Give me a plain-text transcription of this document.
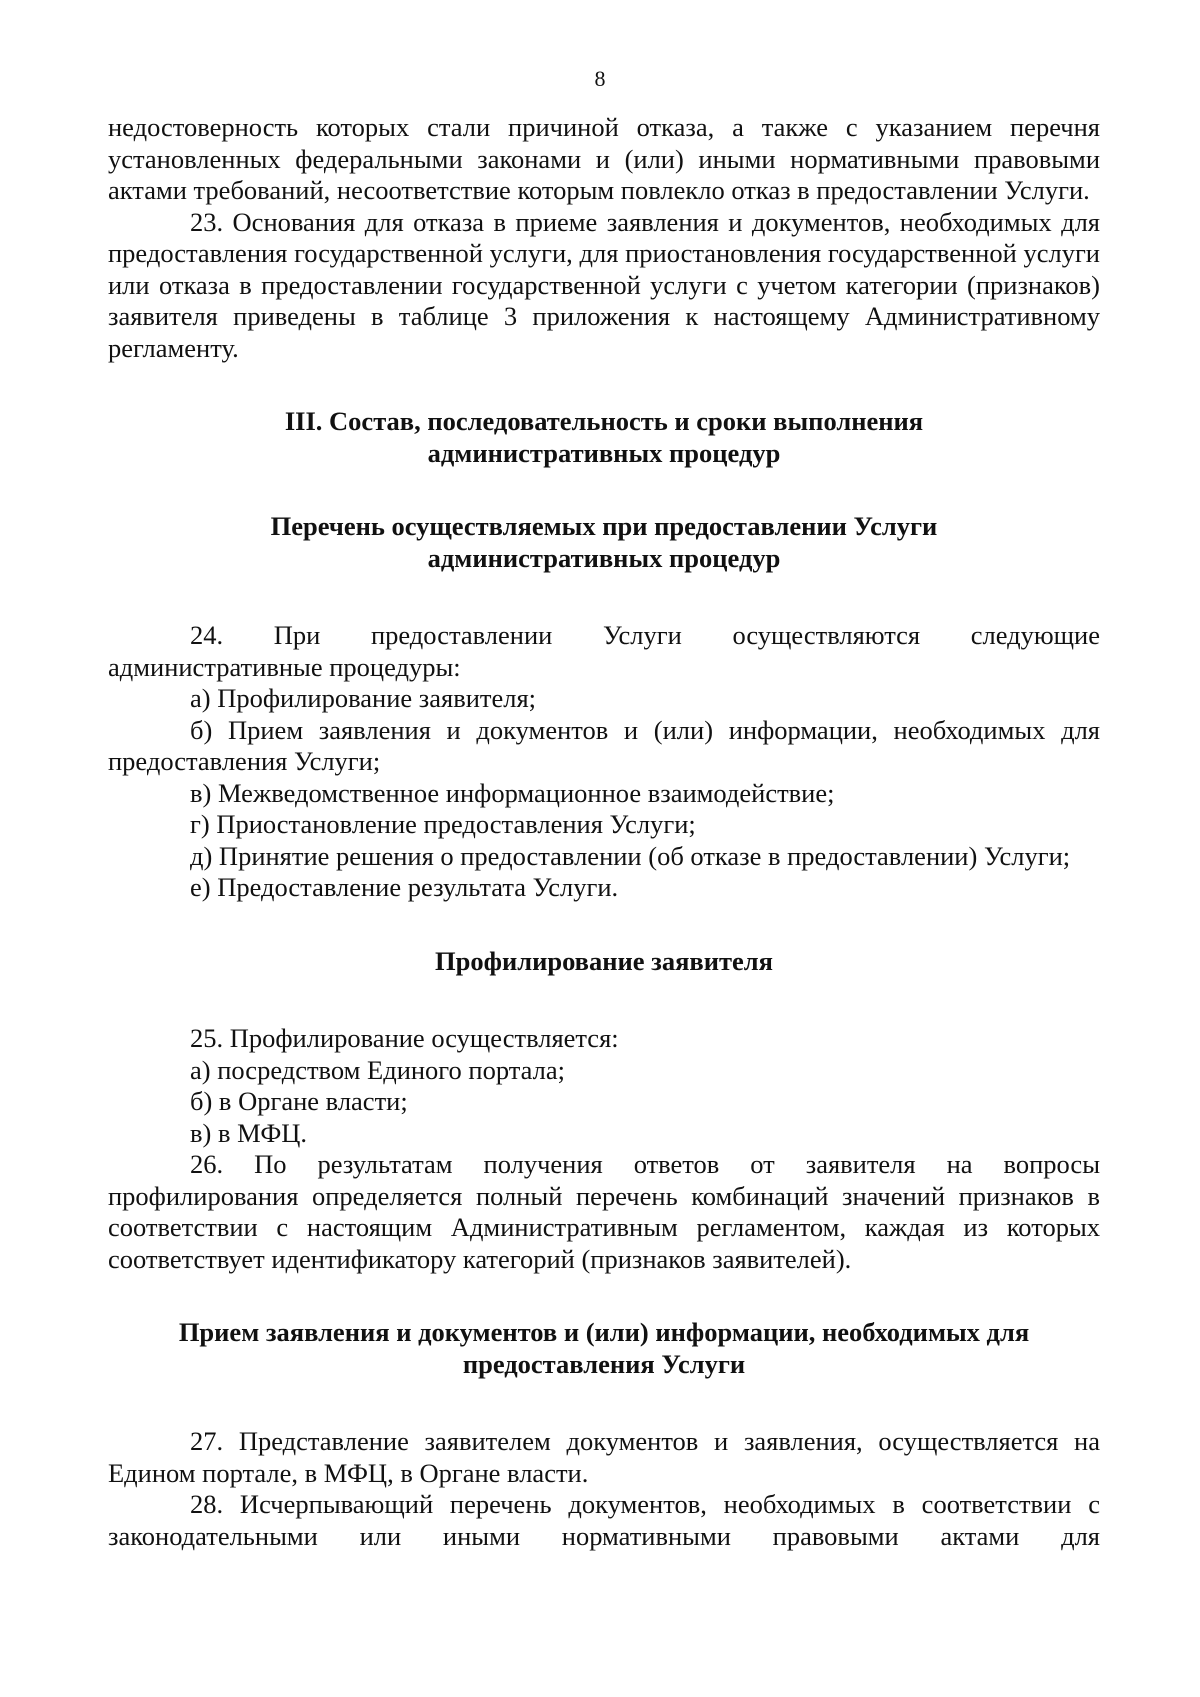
8

недостоверность которых стали причиной отказа, а также с указанием перечня установленных федеральными законами и (или) иными нормативными правовыми актами требований, несоответствие которым повлекло отказ в предоставлении Услуги.

23. Основания для отказа в приеме заявления и документов, необходимых для предоставления государственной услуги, для приостановления государственной услуги или отказа в предоставлении государственной услуги с учетом категории (признаков) заявителя приведены в таблице 3 приложения к настоящему Административному регламенту.

III. Состав, последовательность и сроки выполнения
административных процедур
Перечень осуществляемых при предоставлении Услуги
административных процедур

24. При предоставлении Услуги осуществляются следующие административные процедуры:

а) Профилирование заявителя;

б) Прием заявления и документов и (или) информации, необходимых для предоставления Услуги;

в) Межведомственное информационное взаимодействие;

г) Приостановление предоставления Услуги;

д) Принятие решения о предоставлении (об отказе в предоставлении) Услуги;

е) Предоставление результата Услуги.

Профилирование заявителя

25. Профилирование осуществляется:

а) посредством Единого портала;

б) в Органе власти;

в) в МФЦ.

26. По результатам получения ответов от заявителя на вопросы профилирования определяется полный перечень комбинаций значений признаков в соответствии с настоящим Административным регламентом, каждая из которых соответствует идентификатору категорий (признаков заявителей).

Прием заявления и документов и (или) информации, необходимых для
предоставления Услуги

27. Представление заявителем документов и заявления, осуществляется на Едином портале, в МФЦ, в Органе власти.

28. Исчерпывающий перечень документов, необходимых в соответствии с законодательными или иными нормативными правовыми актами для
